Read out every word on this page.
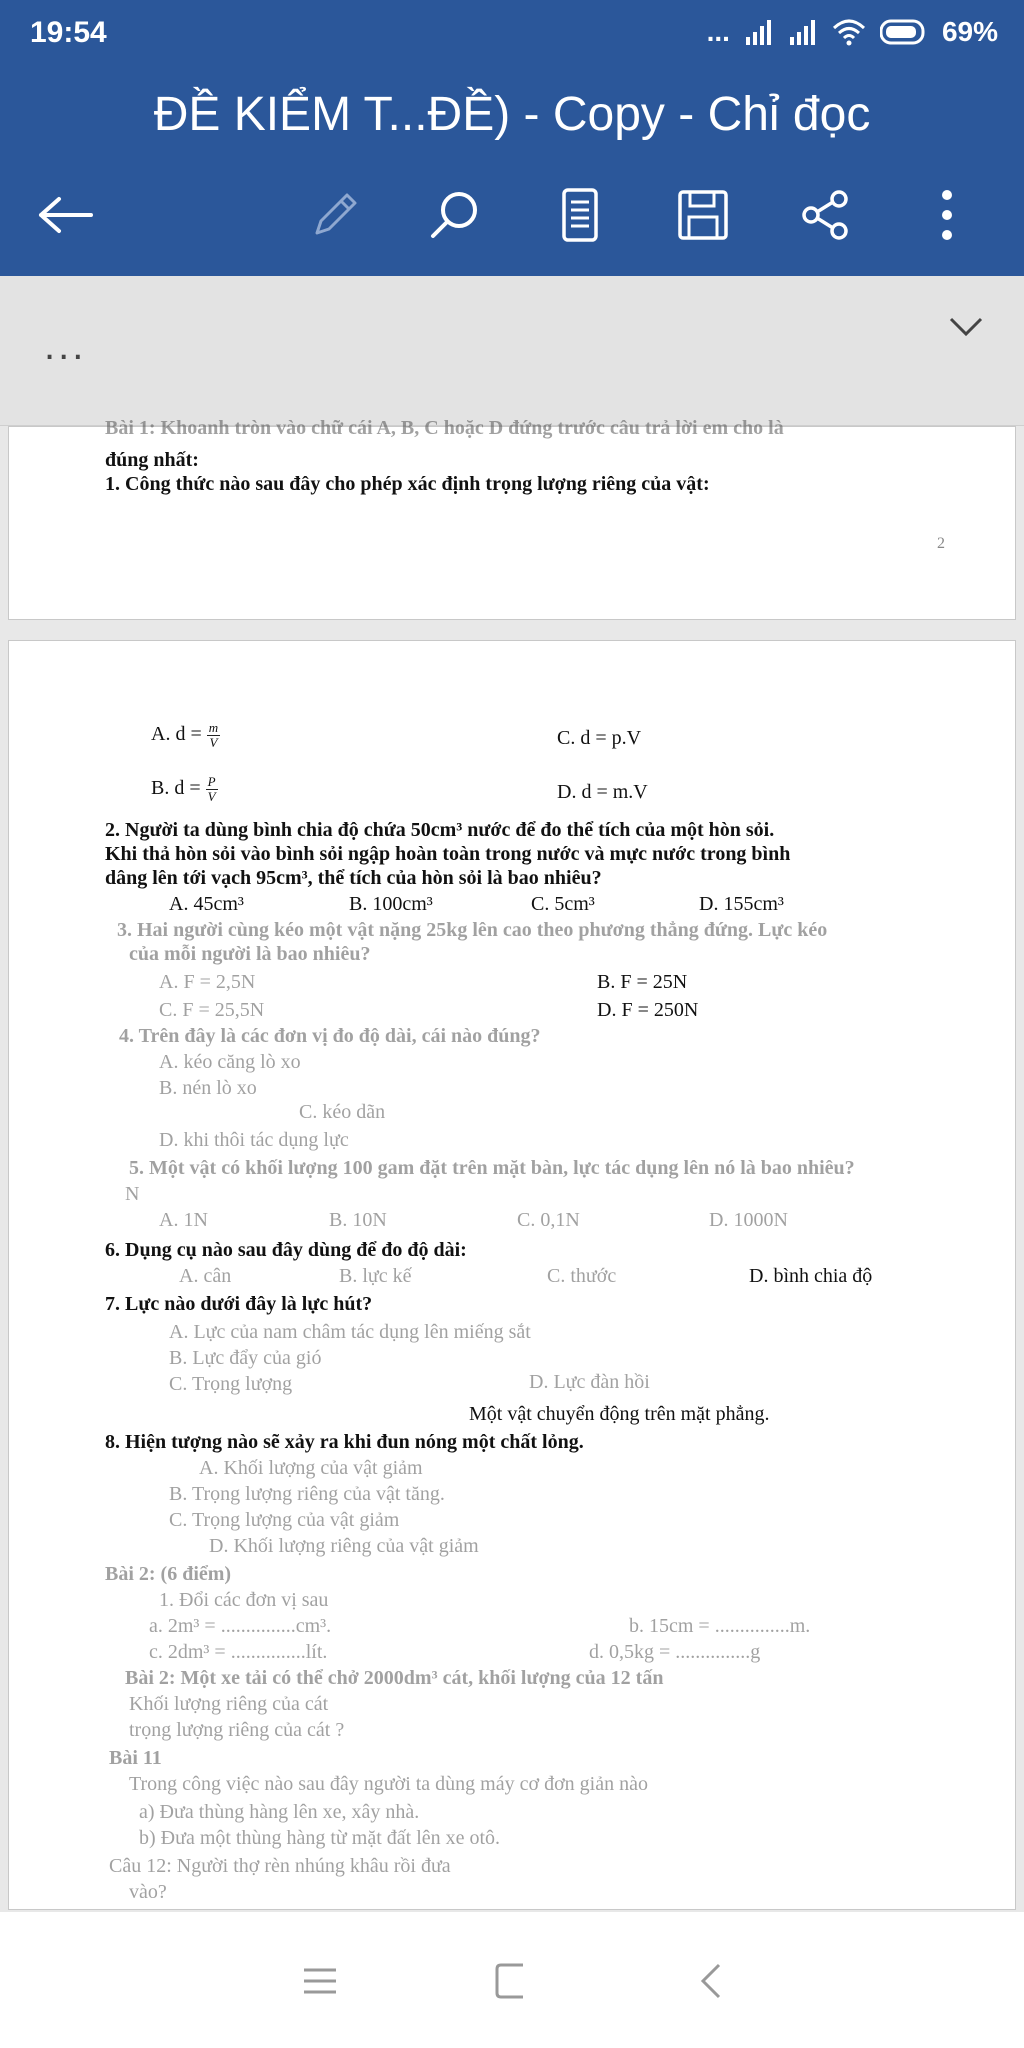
19:54	...	69%
ĐỀ KIỂM T...ĐỀ) - Copy - Chỉ đọc
...
Bài 1: Khoanh tròn vào chữ cái A, B, C hoặc D đứng trước câu trả lời em cho là
đúng nhất:
1. Công thức nào sau đây cho phép xác định trọng lượng riêng của vật:
2
A. $d = \frac{m}{V}$	C. d = p.V
B. $d = \frac{P}{V}$	D. d = m.V
2. Người ta dùng bình chia độ chứa 50cm³ nước để đo thể tích của một hòn sỏi.
Khi thả hòn sỏi vào bình sỏi ngập hoàn toàn trong nước và mực nước trong bình
dâng lên tới vạch 95cm³, thể tích của hòn sỏi là bao nhiêu?
A. 45cm³	B. 100cm³	C. 5cm³	D. 155cm³
3. Hai người cùng kéo một vật nặng 25kg lên cao theo phương thẳng đứng. Lực kéo
của mỗi người là bao nhiêu?
A. F = 2,5N	B. F = 25N
C. F = 25,5N	D. F = 250N
4. Trên đây là các đơn vị đo độ dài, cái nào đúng?
A. kéo căng lò xo
B. nén lò xo
C. kéo dãn
D. khi thôi tác dụng lực
5. Một vật có khối lượng 100 gam đặt trên mặt bàn, lực tác dụng lên nó là bao nhiêu?
N
A. 1N	B. 10N	C. 0,1N	D. 1000N
6. Dụng cụ nào sau đây dùng để đo độ dài:
A. cân	B. lực kế	C. thước	D. bình chia độ
7. Lực nào dưới đây là lực hút?
A. Lực của nam châm tác dụng lên miếng sắt
B. Lực đẩy của gió
C. Trọng lượng	D. Lực đàn hồi
Một vật chuyển động trên mặt phẳng.
8. Hiện tượng nào sẽ xảy ra khi đun nóng một chất lỏng.
A. Khối lượng của vật giảm
B. Trọng lượng riêng của vật tăng.
C. Trọng lượng của vật giảm
D. Khối lượng riêng của vật giảm
Bài 2: (6 điểm)
1. Đổi các đơn vị sau
a. 2m³ = ...............cm³.	b. 15cm = ...............m.
c. 2dm³ = ...............lít.	d. 0,5kg = ...............g
Bài 2: Một xe tải có thể chở 2000dm³ cát, khối lượng của 12 tấn
Khối lượng riêng của cát
trọng lượng riêng của cát ?
Bài 11
Trong công việc nào sau đây người ta dùng máy cơ đơn giản nào
a) Đưa thùng hàng lên xe, xây nhà.
b) Đưa một thùng hàng từ mặt đất lên xe otô.
Câu 12: Người thợ rèn nhúng khâu rồi đưa
vào?
